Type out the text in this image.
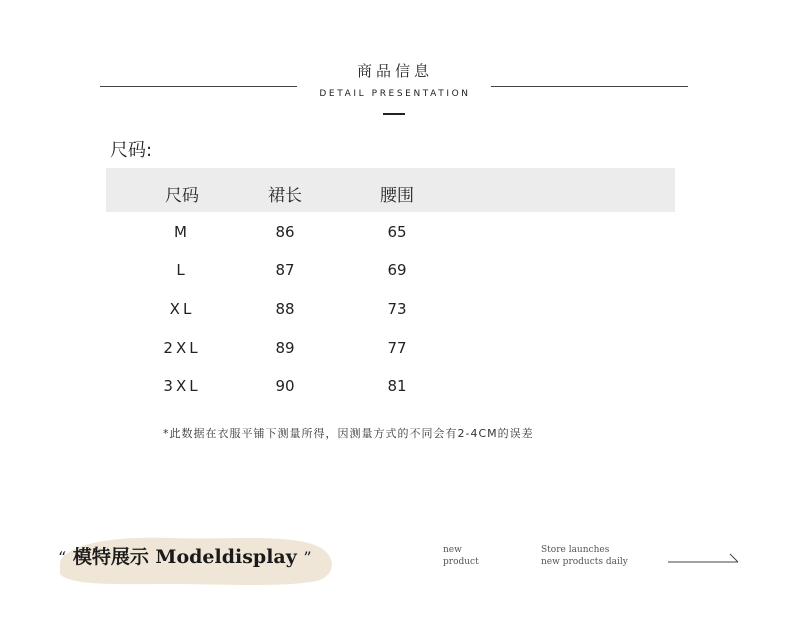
商品信息
DETAIL PRESENTATION
尺码:
尺码	裙长	腰围
M	86	65
L	87	69
XL	88	73
2XL	89	77
3XL	90	81
*此数据在衣服平铺下测量所得，因测量方式的不同会有2-4CM的误差
“ 模特展示 Modeldisplay ”	new
product
Store launches
new products daily
